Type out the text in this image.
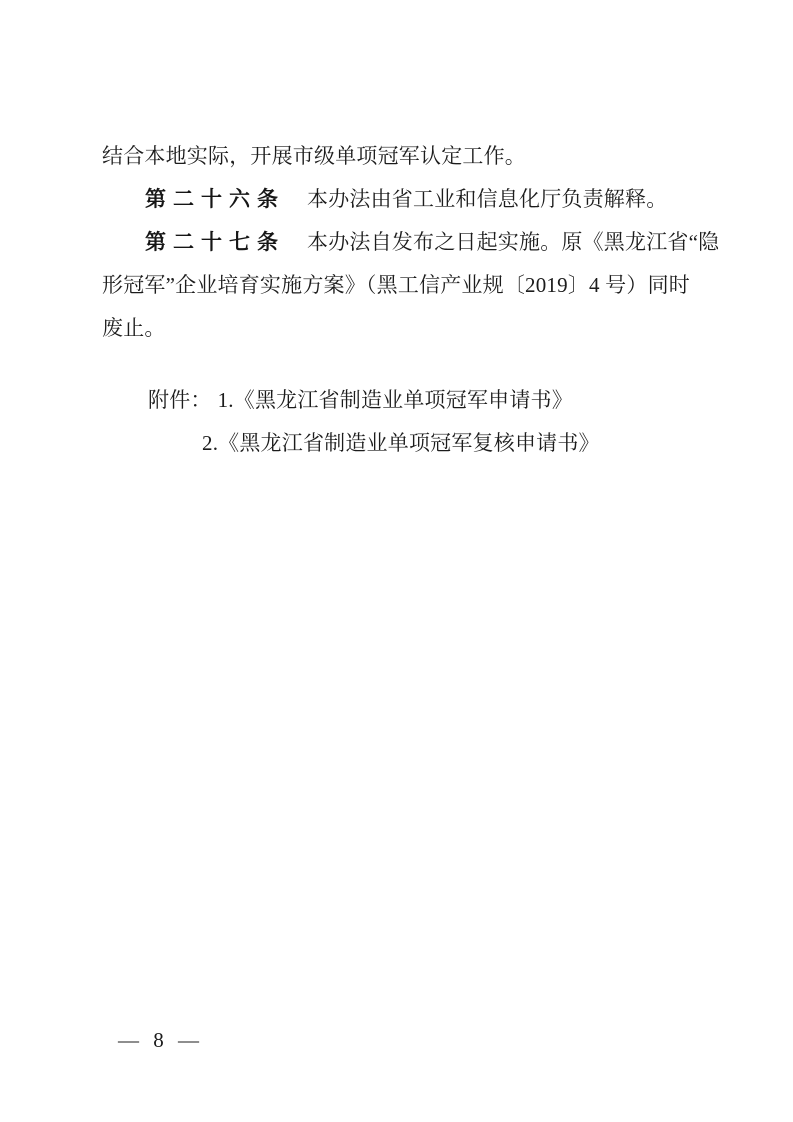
结合本地实际，开展市级单项冠军认定工作。
第二十六条 本办法由省工业和信息化厅负责解释。
第二十七条 本办法自发布之日起实施。原《黑龙江省“隐
形冠军”企业培育实施方案》（黑工信产业规〔2019〕4 号）同时
废止。
附件： 1.《黑龙江省制造业单项冠军申请书》
2.《黑龙江省制造业单项冠军复核申请书》
— 8 —
